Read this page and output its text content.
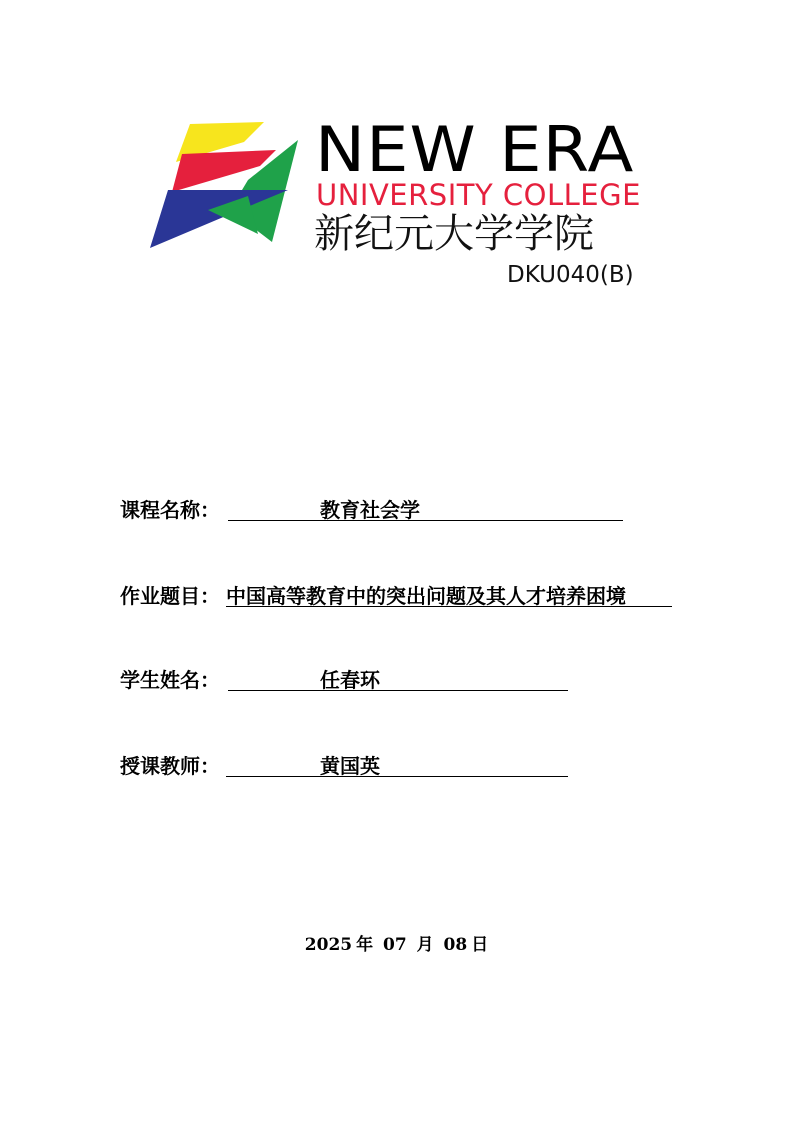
NEW ERA
UNIVERSITY COLLEGE
新纪元大学学院
DKU040(B)
课程名称：	教育社会学
作业题目： 中国高等教育中的突出问题及其人才培养困境
学生姓名：	任春环
授课教师：	黄国英
2025 年 07 月 08 日
